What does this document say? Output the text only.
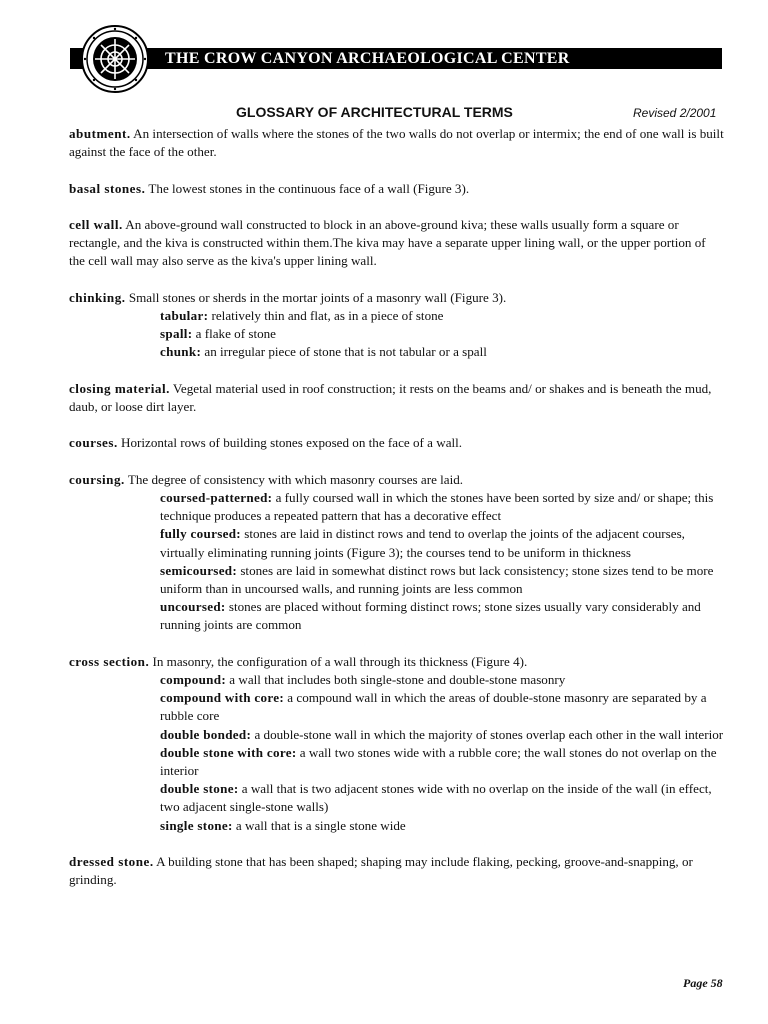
THE CROW CANYON ARCHAEOLOGICAL CENTER
GLOSSARY OF ARCHITECTURAL TERMS	Revised 2/2001
abutment. An intersection of walls where the stones of the two walls do not overlap or intermix; the end of one wall is built against the face of the other.
basal stones. The lowest stones in the continuous face of a wall (Figure 3).
cell wall. An above-ground wall constructed to block in an above-ground kiva; these walls usually form a square or rectangle, and the kiva is constructed within them.The kiva may have a separate upper lining wall, or the upper portion of the cell wall may also serve as the kiva's upper lining wall.
chinking. Small stones or sherds in the mortar joints of a masonry wall (Figure 3).
tabular: relatively thin and flat, as in a piece of stone
spall: a flake of stone
chunk: an irregular piece of stone that is not tabular or a spall
closing material. Vegetal material used in roof construction; it rests on the beams and/ or shakes and is beneath the mud, daub, or loose dirt layer.
courses. Horizontal rows of building stones exposed on the face of a wall.
coursing. The degree of consistency with which masonry courses are laid.
coursed-patterned: a fully coursed wall in which the stones have been sorted by size and/ or shape; this technique produces a repeated pattern that has a decorative effect
fully coursed: stones are laid in distinct rows and tend to overlap the joints of the adjacent courses, virtually eliminating running joints (Figure 3); the courses tend to be uniform in thickness
semicoursed: stones are laid in somewhat distinct rows but lack consistency; stone sizes tend to be more uniform than in uncoursed walls, and running joints are less common
uncoursed: stones are placed without forming distinct rows; stone sizes usually vary considerably and running joints are common
cross section. In masonry, the configuration of a wall through its thickness (Figure 4).
compound: a wall that includes both single-stone and double-stone masonry
compound with core: a compound wall in which the areas of double-stone masonry are separated by a rubble core
double bonded: a double-stone wall in which the majority of stones overlap each other in the wall interior
double stone with core: a wall two stones wide with a rubble core; the wall stones do not overlap on the interior
double stone: a wall that is two adjacent stones wide with no overlap on the inside of the wall (in effect, two adjacent single-stone walls)
single stone: a wall that is a single stone wide
dressed stone. A building stone that has been shaped; shaping may include flaking, pecking, groove-and-snapping, or grinding.
Page 58
